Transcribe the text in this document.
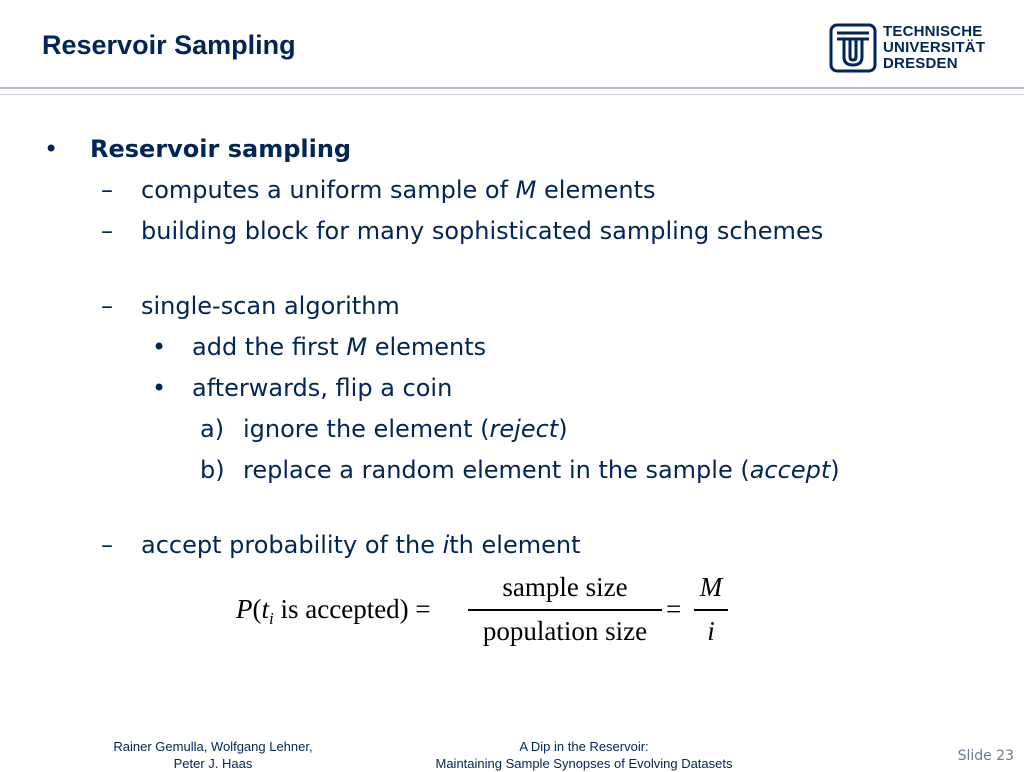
Reservoir Sampling	TECHNISCHE
UNIVERSITÄT
DRESDEN
• Reservoir sampling
– computes a uniform sample of M elements
– building block for many sophisticated sampling schemes
– single-scan algorithm
• add the first M elements
• afterwards, flip a coin
a) ignore the element (reject)
b) replace a random element in the sample (accept)
– accept probability of the ith element
$P(t_i$ is accepted) =
sample size
population size
=
M
i
Rainer Gemulla, Wolfgang Lehner,
Peter J. Haas
A Dip in the Reservoir:
Maintaining Sample Synopses of Evolving Datasets	Slide 23
